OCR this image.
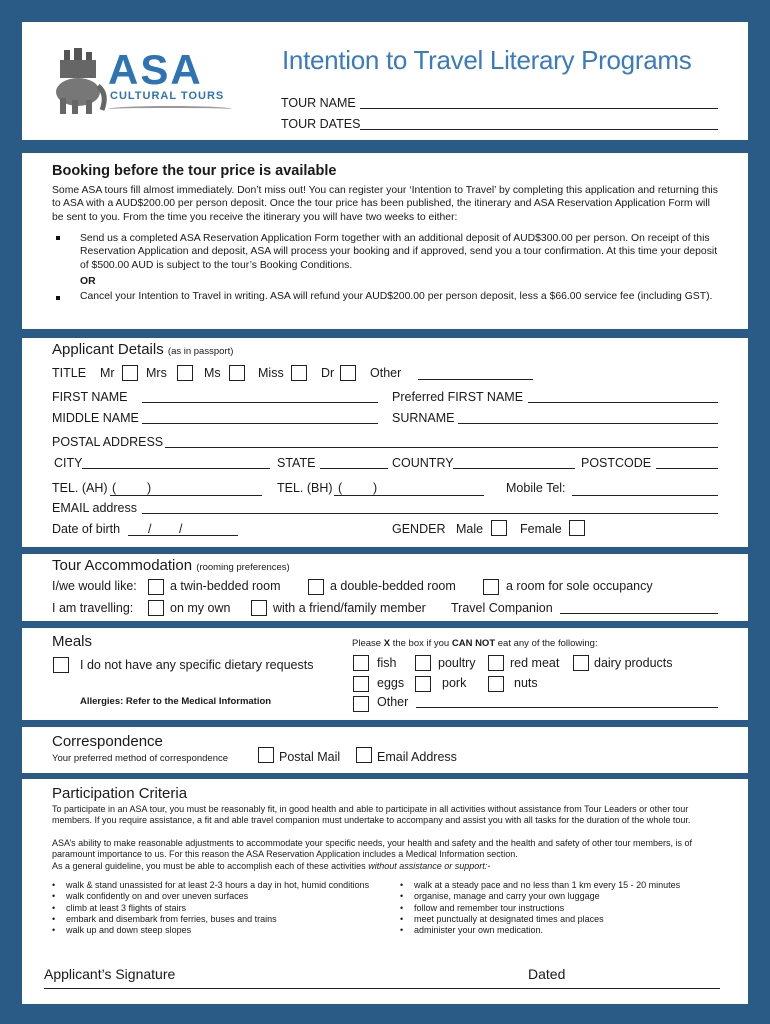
ASA
CULTURAL TOURS
Intention to Travel Literary Programs
TOUR NAME
TOUR DATES
Booking before the tour price is available
Some ASA tours fill almost immediately. Don’t miss out! You can register your ‘Intention to Travel’ by completing this application and returning this to ASA with a AUD$200.00 per person deposit. Once the tour price has been published, the itinerary and ASA Reservation Application Form will be sent to you. From the time you receive the itinerary you will have two weeks to either:
Send us a completed ASA Reservation Application Form together with an additional deposit of AUD$300.00 per person. On receipt of this Reservation Application and deposit, ASA will process your booking and if approved, send you a tour confirmation. At this time your deposit of $500.00 AUD is subject to the tour’s Booking Conditions.
OR
Cancel your Intention to Travel in writing. ASA will refund your AUD$200.00 per person deposit, less a $66.00 service fee (including GST).
Applicant Details (as in passport)
TITLE Mr	Mrs	Ms	Miss	Dr	Other
FIRST NAME	Preferred FIRST NAME
MIDDLE NAME	SURNAME
POSTAL ADDRESS
CITY	STATE	COUNTRY	POSTCODE
TEL. (AH) ( )	TEL. (BH) ( )	Mobile Tel:
EMAIL address
Date of birth / /	GENDER Male	Female
Tour Accommodation (rooming preferences)
I/we would like:	a twin-bedded room	a double-bedded room	a room for sole occupancy
I am travelling:	on my own	with a friend/family member Travel Companion
Meals
I do not have any specific dietary requests
Allergies: Refer to the Medical Information
Please X the box if you CAN NOT eat any of the following:
fish	poultry	red meat	dairy products
eggs	pork	nuts
Other
Correspondence
Your preferred method of correspondence	Postal Mail	Email Address
Participation Criteria
To participate in an ASA tour, you must be reasonably fit, in good health and able to participate in all activities without assistance from Tour Leaders or other tour members. If you require assistance, a fit and able travel companion must undertake to accompany and assist you with all tasks for the duration of the whole tour.
ASA’s ability to make reasonable adjustments to accommodate your specific needs, your health and safety and the health and safety of other tour members, is of paramount importance to us. For this reason the ASA Reservation Application includes a Medical Information section.
As a general guideline, you must be able to accomplish each of these activities without assistance or support:-
• walk & stand unassisted for at least 2-3 hours a day in hot, humid conditions
• walk confidently on and over uneven surfaces
• climb at least 3 flights of stairs
• embark and disembark from ferries, buses and trains
• walk up and down steep slopes
• walk at a steady pace and no less than 1 km every 15 - 20 minutes
• organise, manage and carry your own luggage
• follow and remember tour instructions
• meet punctually at designated times and places
• administer your own medication.
Applicant’s Signature	Dated
